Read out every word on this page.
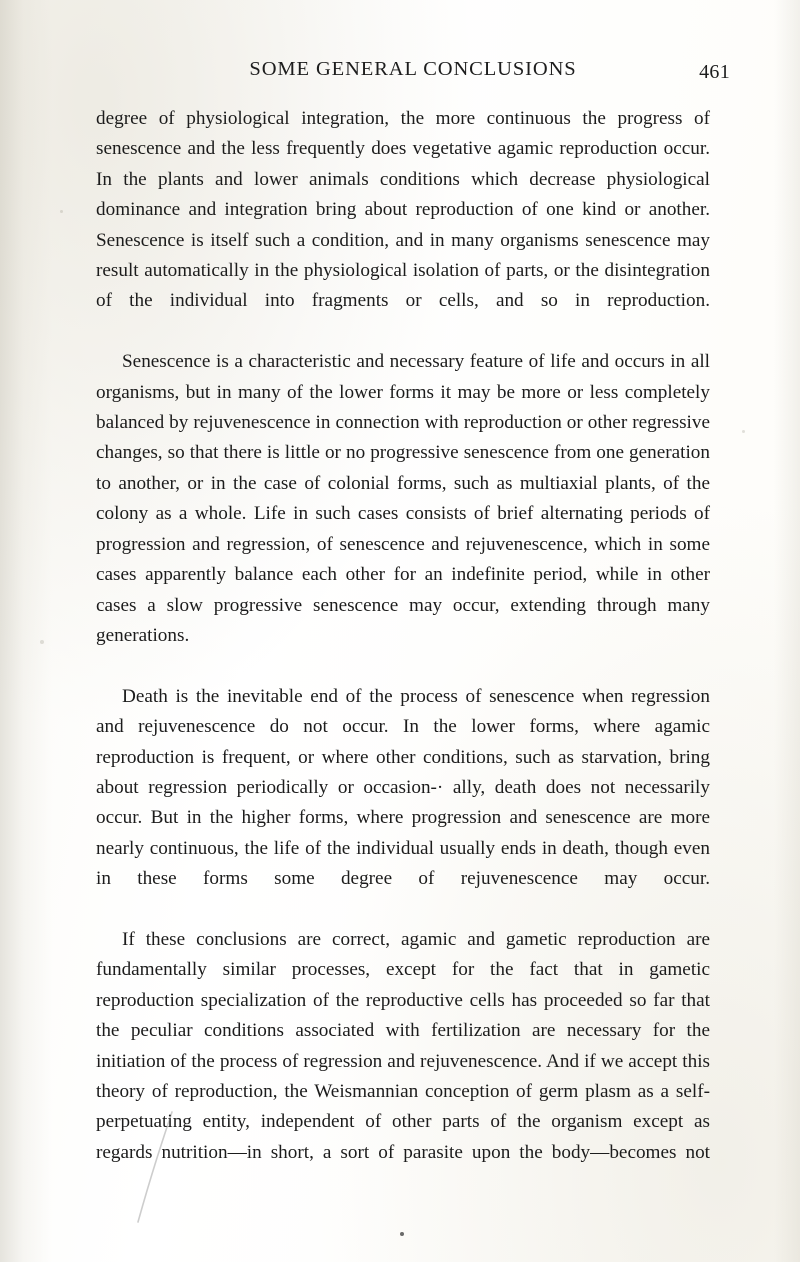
SOME GENERAL CONCLUSIONS	461

degree of physiological integration, the more continuous the progress of senescence and the less frequently does vegetative agamic reproduction occur. In the plants and lower animals conditions which decrease physiological dominance and integration bring about reproduction of one kind or another. Senescence is itself such a condition, and in many organisms senescence may result automatically in the physiological isolation of parts, or the disintegration of the individual into fragments or cells, and so in reproduction.

Senescence is a characteristic and necessary feature of life and occurs in all organisms, but in many of the lower forms it may be more or less completely balanced by rejuvenescence in connection with reproduction or other regressive changes, so that there is little or no progressive senescence from one generation to another, or in the case of colonial forms, such as multiaxial plants, of the colony as a whole. Life in such cases consists of brief alternating periods of progression and regression, of senescence and rejuvenescence, which in some cases apparently balance each other for an indefinite period, while in other cases a slow progressive senescence may occur, extending through many generations.

Death is the inevitable end of the process of senescence when regression and rejuvenescence do not occur. In the lower forms, where agamic reproduction is frequent, or where other conditions, such as starvation, bring about regression periodically or occasion-· ally, death does not necessarily occur. But in the higher forms, where progression and senescence are more nearly continuous, the life of the individual usually ends in death, though even in these forms some degree of rejuvenescence may occur.

If these conclusions are correct, agamic and gametic reproduction are fundamentally similar processes, except for the fact that in gametic reproduction specialization of the reproductive cells has proceeded so far that the peculiar conditions associated with fertilization are necessary for the initiation of the process of regression and rejuvenescence. And if we accept this theory of reproduction, the Weismannian conception of germ plasm as a self-perpetuating entity, independent of other parts of the organism except as regards nutrition—in short, a sort of parasite upon the body—becomes not
